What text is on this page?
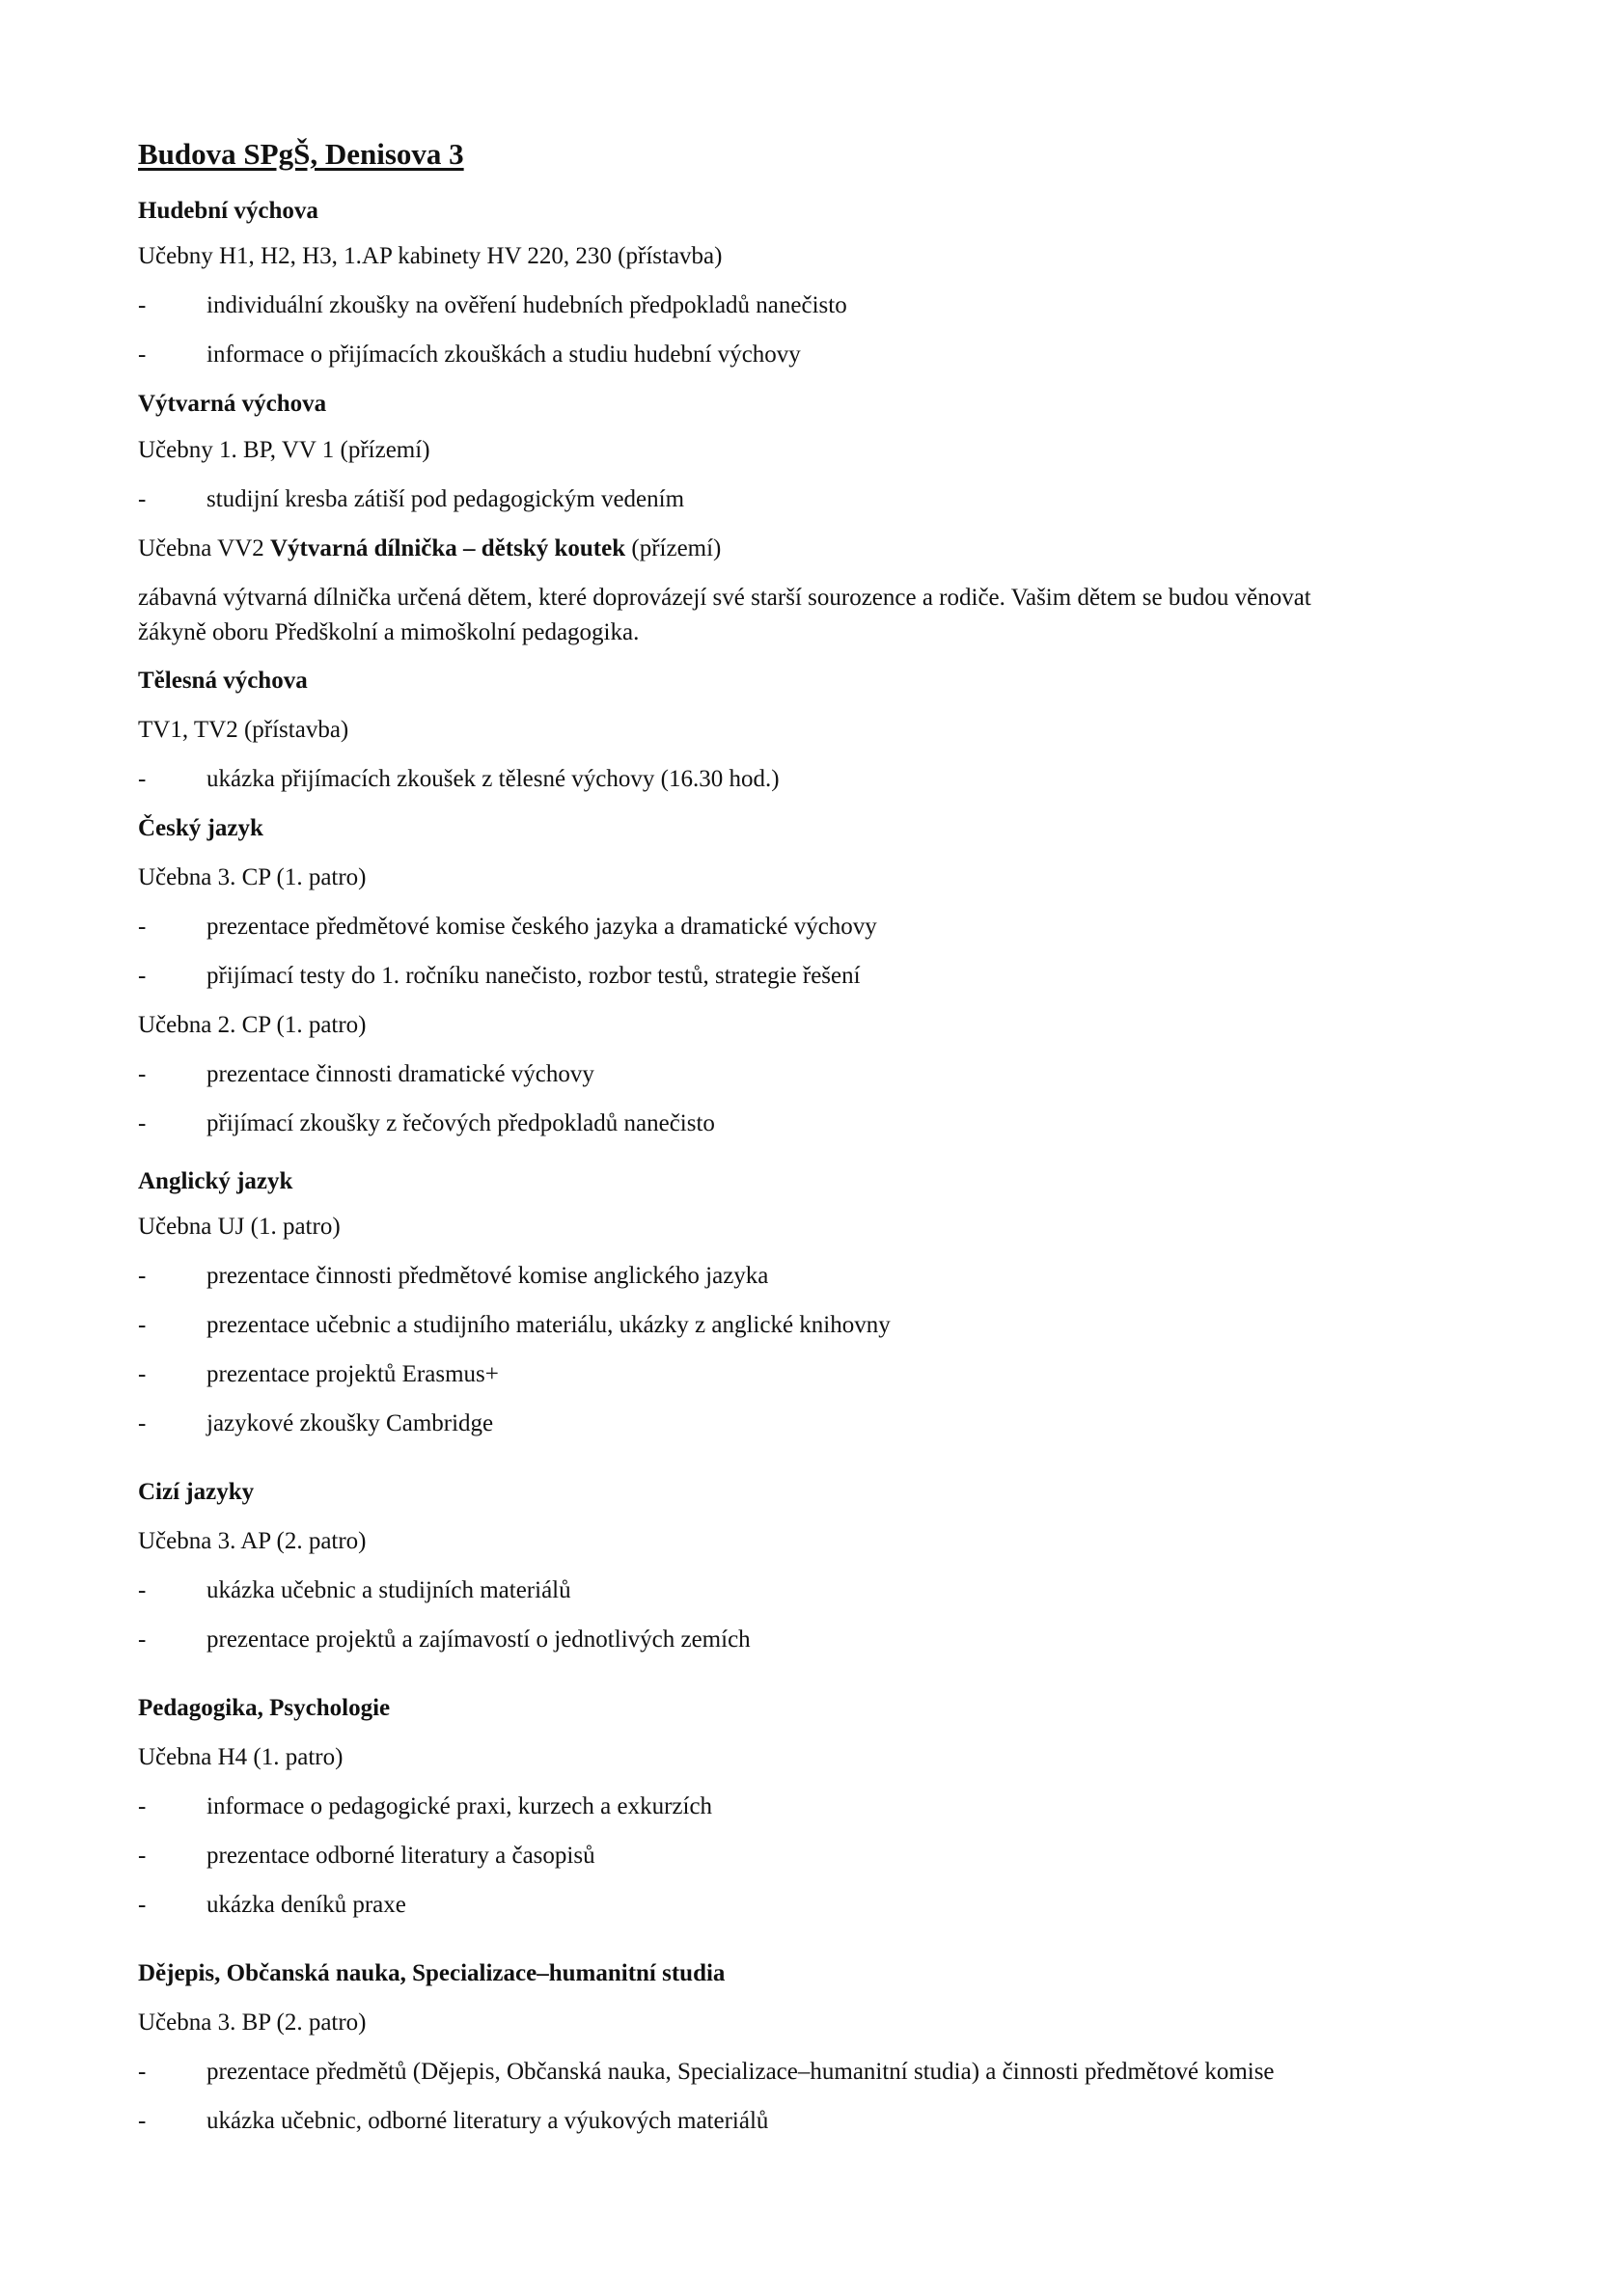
Budova SPgŠ, Denisova 3
Hudební výchova
Učebny H1, H2, H3, 1.AP kabinety HV 220, 230 (přístavba)
-	individuální zkoušky na ověření hudebních předpokladů nanečisto
-	informace o přijímacích zkouškách a studiu hudební výchovy
Výtvarná výchova
Učebny 1. BP, VV 1 (přízemí)
-	studijní kresba zátiší pod pedagogickým vedením
Učebna VV2 Výtvarná dílnička – dětský koutek (přízemí)
zábavná výtvarná dílnička určená dětem, které doprovázejí své starší sourozence a rodiče. Vašim dětem se budou věnovat
žákyně oboru Předškolní a mimoškolní pedagogika.
Tělesná výchova
TV1, TV2 (přístavba)
-	ukázka přijímacích zkoušek z tělesné výchovy (16.30 hod.)
Český jazyk
Učebna 3. CP (1. patro)
-	prezentace předmětové komise českého jazyka a dramatické výchovy
-	přijímací testy do 1. ročníku nanečisto, rozbor testů, strategie řešení
Učebna 2. CP (1. patro)
-	prezentace činnosti dramatické výchovy
-	přijímací zkoušky z řečových předpokladů nanečisto
Anglický jazyk
Učebna UJ (1. patro)
-	prezentace činnosti předmětové komise anglického jazyka
-	prezentace učebnic a studijního materiálu, ukázky z anglické knihovny
-	prezentace projektů Erasmus+
-	jazykové zkoušky Cambridge
Cizí jazyky
Učebna 3. AP (2. patro)
-	ukázka učebnic a studijních materiálů
-	prezentace projektů a zajímavostí o jednotlivých zemích
Pedagogika, Psychologie
Učebna H4 (1. patro)
-	informace o pedagogické praxi, kurzech a exkurzích
-	prezentace odborné literatury a časopisů
-	ukázka deníků praxe
Dějepis, Občanská nauka, Specializace–humanitní studia
Učebna 3. BP (2. patro)
-	prezentace předmětů (Dějepis, Občanská nauka, Specializace–humanitní studia) a činnosti předmětové komise
-	ukázka učebnic, odborné literatury a výukových materiálů
